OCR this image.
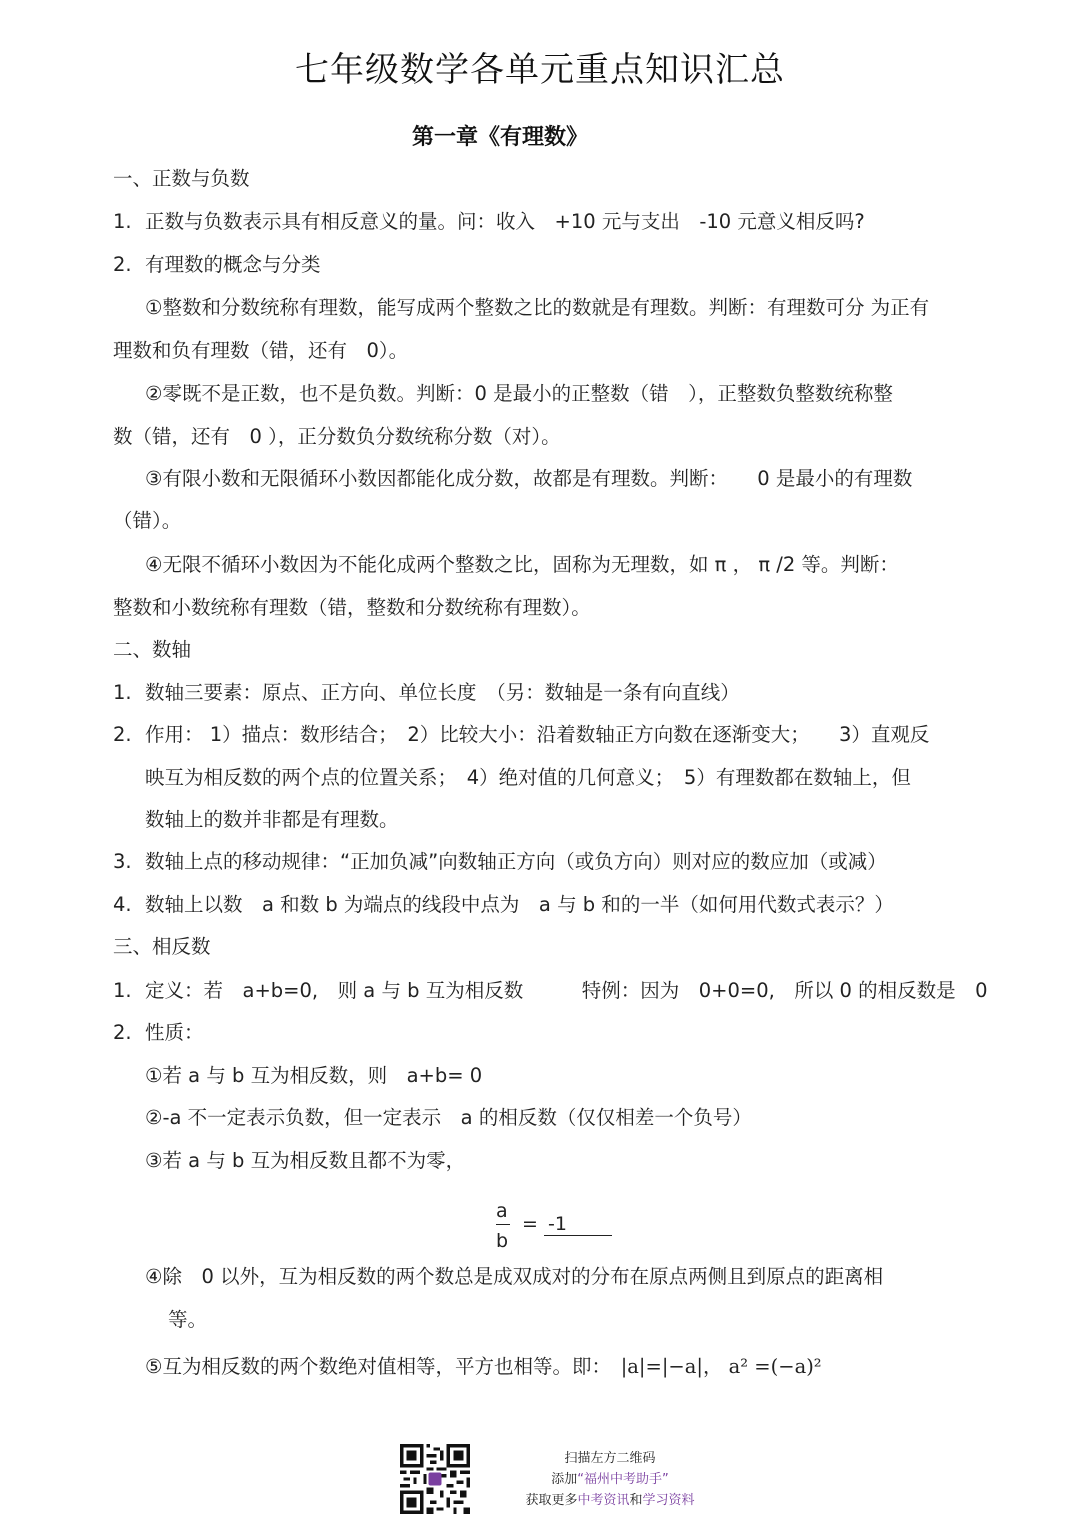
七年级数学各单元重点知识汇总
第一章《有理数》
一、正数与负数
1. 正数与负数表示具有相反意义的量。问：收入　+10 元与支出　-10 元意义相反吗?
2. 有理数的概念与分类
①整数和分数统称有理数，能写成两个整数之比的数就是有理数。判断：有理数可分 为正有
理数和负有理数（错，还有　0）。
②零既不是正数，也不是负数。判断：0 是最小的正整数（错　），正整数负整数统称整
数（错，还有　0 ），正分数负分数统称分数（对）。
③有限小数和无限循环小数因都能化成分数，故都是有理数。判断：　　0 是最小的有理数
（错）。
④无限不循环小数因为不能化成两个整数之比，固称为无理数，如 π ， π /2 等。判断：
整数和小数统称有理数（错，整数和分数统称有理数）。
二、数轴
1. 数轴三要素：原点、正方向、单位长度　（另：数轴是一条有向直线）
2. 作用： 1）描点：数形结合；　2）比较大小：沿着数轴正方向数在逐渐变大；　　3）直观反
映互为相反数的两个点的位置关系；　4）绝对值的几何意义；　5）有理数都在数轴上，但
数轴上的数并非都是有理数。
3. 数轴上点的移动规律：“正加负减”向数轴正方向（或负方向）则对应的数应加（或减）
4. 数轴上以数　a 和数 b 为端点的线段中点为　a 与 b 和的一半（如何用代数式表示？）
三、相反数
1. 定义：若　a+b=0,　则 a 与 b 互为相反数　　　特例：因为　0+0=0,　所以 0 的相反数是　0
2. 性质：
①若 a 与 b 互为相反数，则　a+b= 0
②-a 不一定表示负数，但一定表示　a 的相反数（仅仅相差一个负号）
③若 a 与 b 互为相反数且都不为零，
a
b
= -1
④除　0 以外，互为相反数的两个数总是成双成对的分布在原点两侧且到原点的距离相
等。
⑤互为相反数的两个数绝对值相等，平方也相等。即：　|a|=|−a|， a² =(−a)²
扫描左方二维码
添加“福州中考助手”
获取更多中考资讯和学习资料
